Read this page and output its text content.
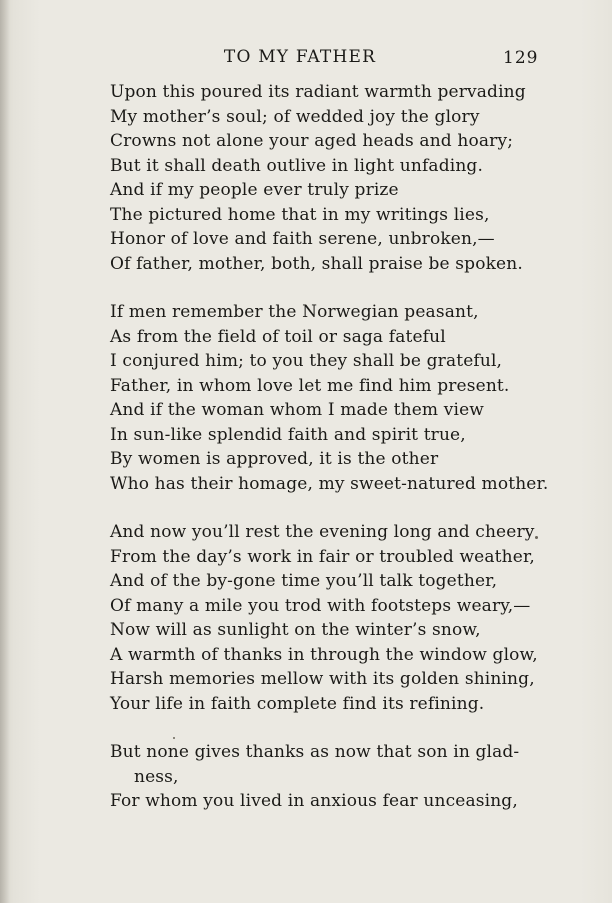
TO MY FATHER	129
Upon this poured its radiant warmth pervading
My mother’s soul; of wedded joy the glory
Crowns not alone your aged heads and hoary;
But it shall death outlive in light unfading.
And if my people ever truly prize
The pictured home that in my writings lies,
Honor of love and faith serene, unbroken,—
Of father, mother, both, shall praise be spoken.
If men remember the Norwegian peasant,
As from the field of toil or saga fateful
I conjured him; to you they shall be grateful,
Father, in whom love let me find him present.
And if the woman whom I made them view
In sun-like splendid faith and spirit true,
By women is approved, it is the other
Who has their homage, my sweet-natured mother.
And now you’ll rest the evening long and cheery
From the day’s work in fair or troubled weather,
And of the by-gone time you’ll talk together,
Of many a mile you trod with footsteps weary,—
Now will as sunlight on the winter’s snow,
A warmth of thanks in through the window glow,
Harsh memories mellow with its golden shining,
Your life in faith complete find its refining.
But none gives thanks as now that son in glad-
ness,
For whom you lived in anxious fear unceasing,
